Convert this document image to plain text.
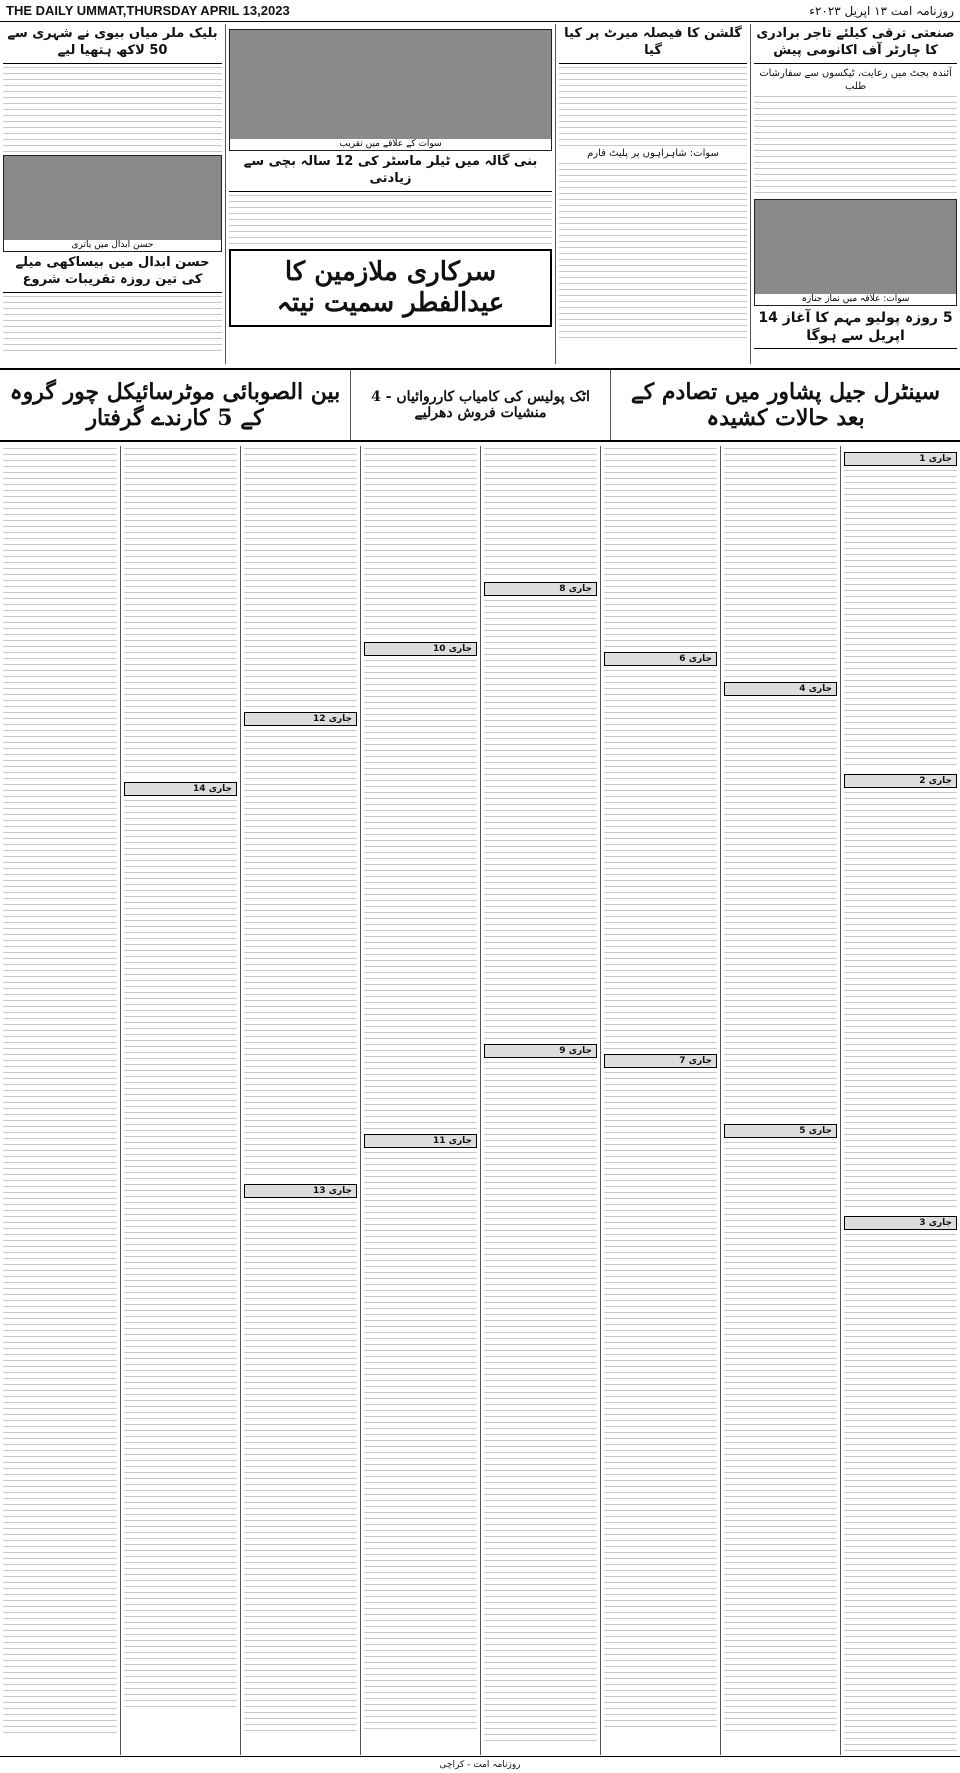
THE DAILY UMMAT,THURSDAY APRIL 13,2023	روزنامہ امت ۱۳ اپریل ۲۰۲۳ء
صنعتی ترقی کیلئے تاجر برادری کا چارٹر آف اکانومی پیش
آئندہ بجٹ میں رعایت، ٹیکسوں سے سفارشات طلب
سوات: علاقہ میں نماز جنازہ
5 روزہ پولیو مہم کا آغاز 14 اپریل سے ہوگا
گلشن کا فیصلہ میرٹ پر کیا گیا
سوات: شاہراہوں پر پلیٹ فارم
سوات کے علاقے میں تقریب
بنی گالہ میں ٹیلر ماسٹر کی 12 سالہ بچی سے زیادتی
سرکاری ملازمین کا عیدالفطر سمیت نیتہ
بلیک ملر میاں بیوی نے شہری سے 50 لاکھ ہتھیا لیے
حسن ابدال میں یاتری
حسن ابدال میں بیساکھی میلے کی تین روزہ تقریبات شروع
سینٹرل جیل پشاور میں تصادم کے بعد حالات کشیدہ
اٹک پولیس کی کامیاب کارروائیاں - 4 منشیات فروش دھرلیے
بین الصوبائی موٹرسائیکل چور گروہ کے 5 کارندے گرفتار
جاری 1
جاری 2
جاری 3
جاری 4
جاری 5
جاری 6
جاری 7
جاری 8
جاری 9
جاری 10
جاری 11
جاری 12
جاری 13
جاری 14
روزنامہ امت - کراچی
